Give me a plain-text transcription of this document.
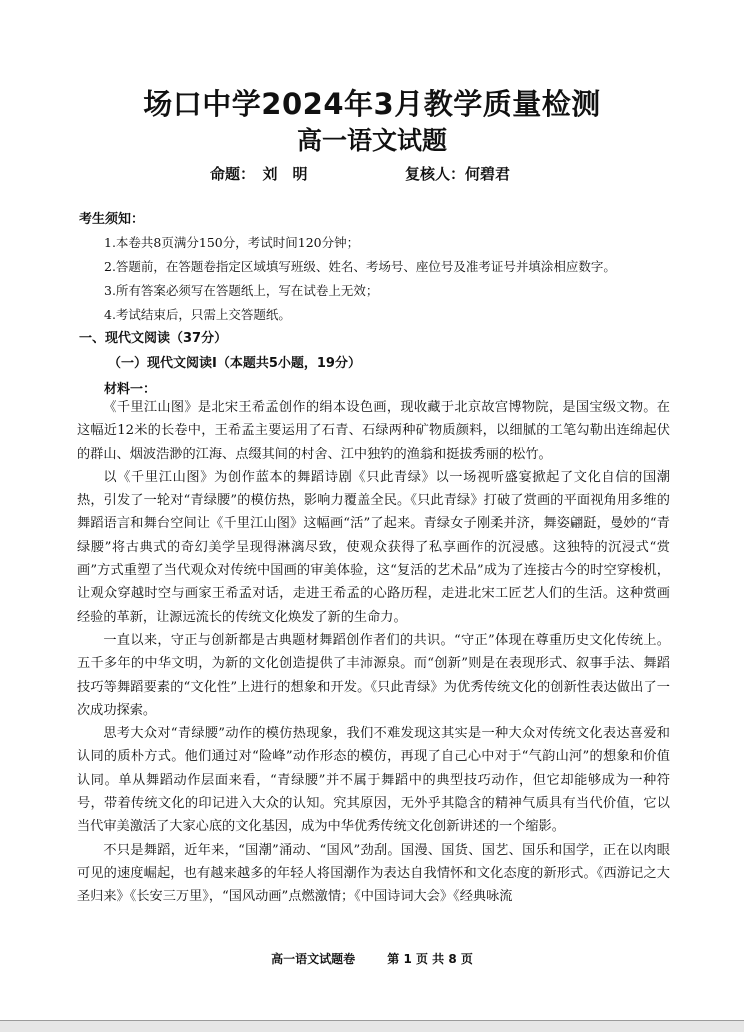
场口中学2024年3月教学质量检测
高一语文试题
命题：　刘　明	复核人：何碧君
考生须知：
1.本卷共8页满分150分，考试时间120分钟；
2.答题前，在答题卷指定区域填写班级、姓名、考场号、座位号及准考证号并填涂相应数字。
3.所有答案必须写在答题纸上，写在试卷上无效；
4.考试结束后，只需上交答题纸。
一、现代文阅读（37分）
（一）现代文阅读Ⅰ（本题共5小题，19分）
材料一：

《千里江山图》是北宋王希孟创作的绢本设色画，现收藏于北京故宫博物院，是国宝级文物。在这幅近12米的长卷中，王希孟主要运用了石青、石绿两种矿物质颜料，以细腻的工笔勾勒出连绵起伏的群山、烟波浩渺的江海、点缀其间的村舍、江中独钓的渔翁和挺拔秀丽的松竹。

以《千里江山图》为创作蓝本的舞蹈诗剧《只此青绿》以一场视听盛宴掀起了文化自信的国潮热，引发了一轮对“青绿腰”的模仿热，影响力覆盖全民。《只此青绿》打破了赏画的平面视角用多维的舞蹈语言和舞台空间让《千里江山图》这幅画“活”了起来。青绿女子刚柔并济，舞姿翩跹，曼妙的“青绿腰”将古典式的奇幻美学呈现得淋漓尽致，使观众获得了私享画作的沉浸感。这独特的沉浸式“赏画”方式重塑了当代观众对传统中国画的审美体验，这“复活的艺术品”成为了连接古今的时空穿梭机，让观众穿越时空与画家王希孟对话，走进王希孟的心路历程，走进北宋工匠艺人们的生活。这种赏画经验的革新，让源远流长的传统文化焕发了新的生命力。

一直以来，守正与创新都是古典题材舞蹈创作者们的共识。“守正”体现在尊重历史文化传统上。五千多年的中华文明，为新的文化创造提供了丰沛源泉。而“创新”则是在表现形式、叙事手法、舞蹈技巧等舞蹈要素的“文化性”上进行的想象和开发。《只此青绿》为优秀传统文化的创新性表达做出了一次成功探索。

思考大众对“青绿腰”动作的模仿热现象，我们不难发现这其实是一种大众对传统文化表达喜爱和认同的质朴方式。他们通过对“险峰”动作形态的模仿，再现了自己心中对于“气韵山河”的想象和价值认同。单从舞蹈动作层面来看，“青绿腰”并不属于舞蹈中的典型技巧动作，但它却能够成为一种符号，带着传统文化的印记进入大众的认知。究其原因，无外乎其隐含的精神气质具有当代价值，它以当代审美激活了大家心底的文化基因，成为中华优秀传统文化创新讲述的一个缩影。

不只是舞蹈，近年来，“国潮”涌动、“国风”劲刮。国漫、国货、国艺、国乐和国学，正在以肉眼可见的速度崛起，也有越来越多的年轻人将国潮作为表达自我情怀和文化态度的新形式。《西游记之大圣归来》《长安三万里》，“国风动画”点燃激情；《中国诗词大会》《经典咏流

高一语文试题卷	第 1 页 共 8 页
